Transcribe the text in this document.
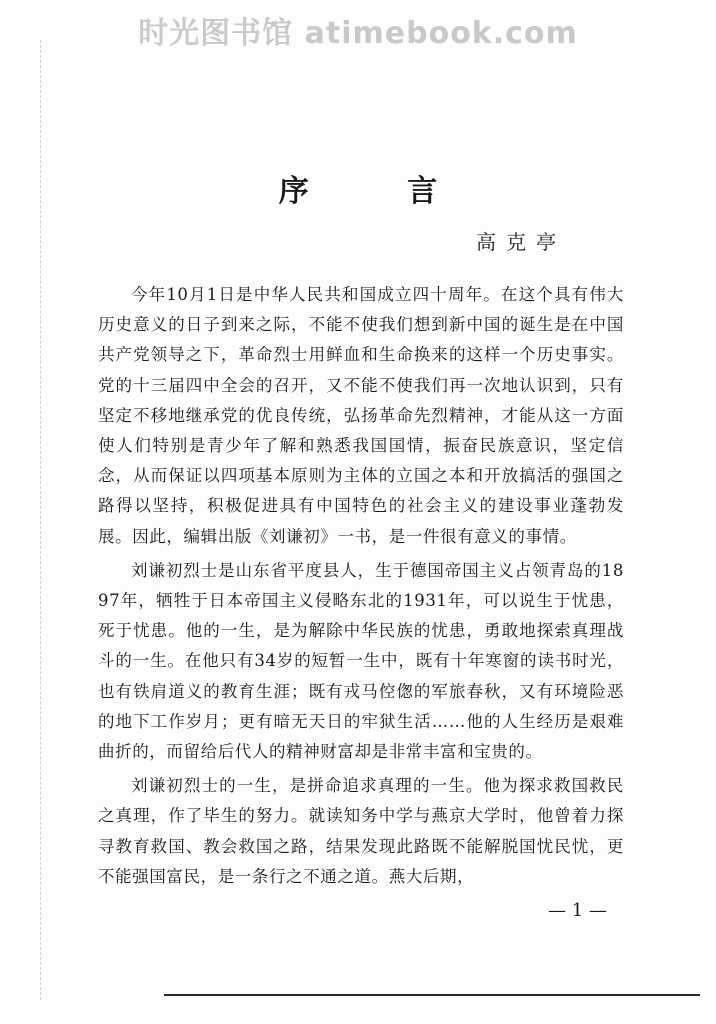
时光图书馆 atimebook.com
序 言
高克亭

今年10月1日是中华人民共和国成立四十周年。在这个具有伟大历史意义的日子到来之际，不能不使我们想到新中国的诞生是在中国共产党领导之下，革命烈士用鲜血和生命换来的这样一个历史事实。党的十三届四中全会的召开，又不能不使我们再一次地认识到，只有坚定不移地继承党的优良传统，弘扬革命先烈精神，才能从这一方面使人们特别是青少年了解和熟悉我国国情，振奋民族意识，坚定信念，从而保证以四项基本原则为主体的立国之本和开放搞活的强国之路得以坚持，积极促进具有中国特色的社会主义的建设事业蓬勃发展。因此，编辑出版《刘谦初》一书，是一件很有意义的事情。

刘谦初烈士是山东省平度县人，生于德国帝国主义占领青岛的1897年，牺牲于日本帝国主义侵略东北的1931年，可以说生于忧患，死于忧患。他的一生，是为解除中华民族的忧患，勇敢地探索真理战斗的一生。在他只有34岁的短暂一生中，既有十年寒窗的读书时光，也有铁肩道义的教育生涯；既有戎马倥偬的军旅春秋，又有环境险恶的地下工作岁月；更有暗无天日的牢狱生活……他的人生经历是艰难曲折的，而留给后代人的精神财富却是非常丰富和宝贵的。

刘谦初烈士的一生，是拼命追求真理的一生。他为探求救国救民之真理，作了毕生的努力。就读知务中学与燕京大学时，他曾着力探寻教育救国、教会救国之路，结果发现此路既不能解脱国忧民忧，更不能强国富民，是一条行之不通之道。燕大后期，

— 1 —
